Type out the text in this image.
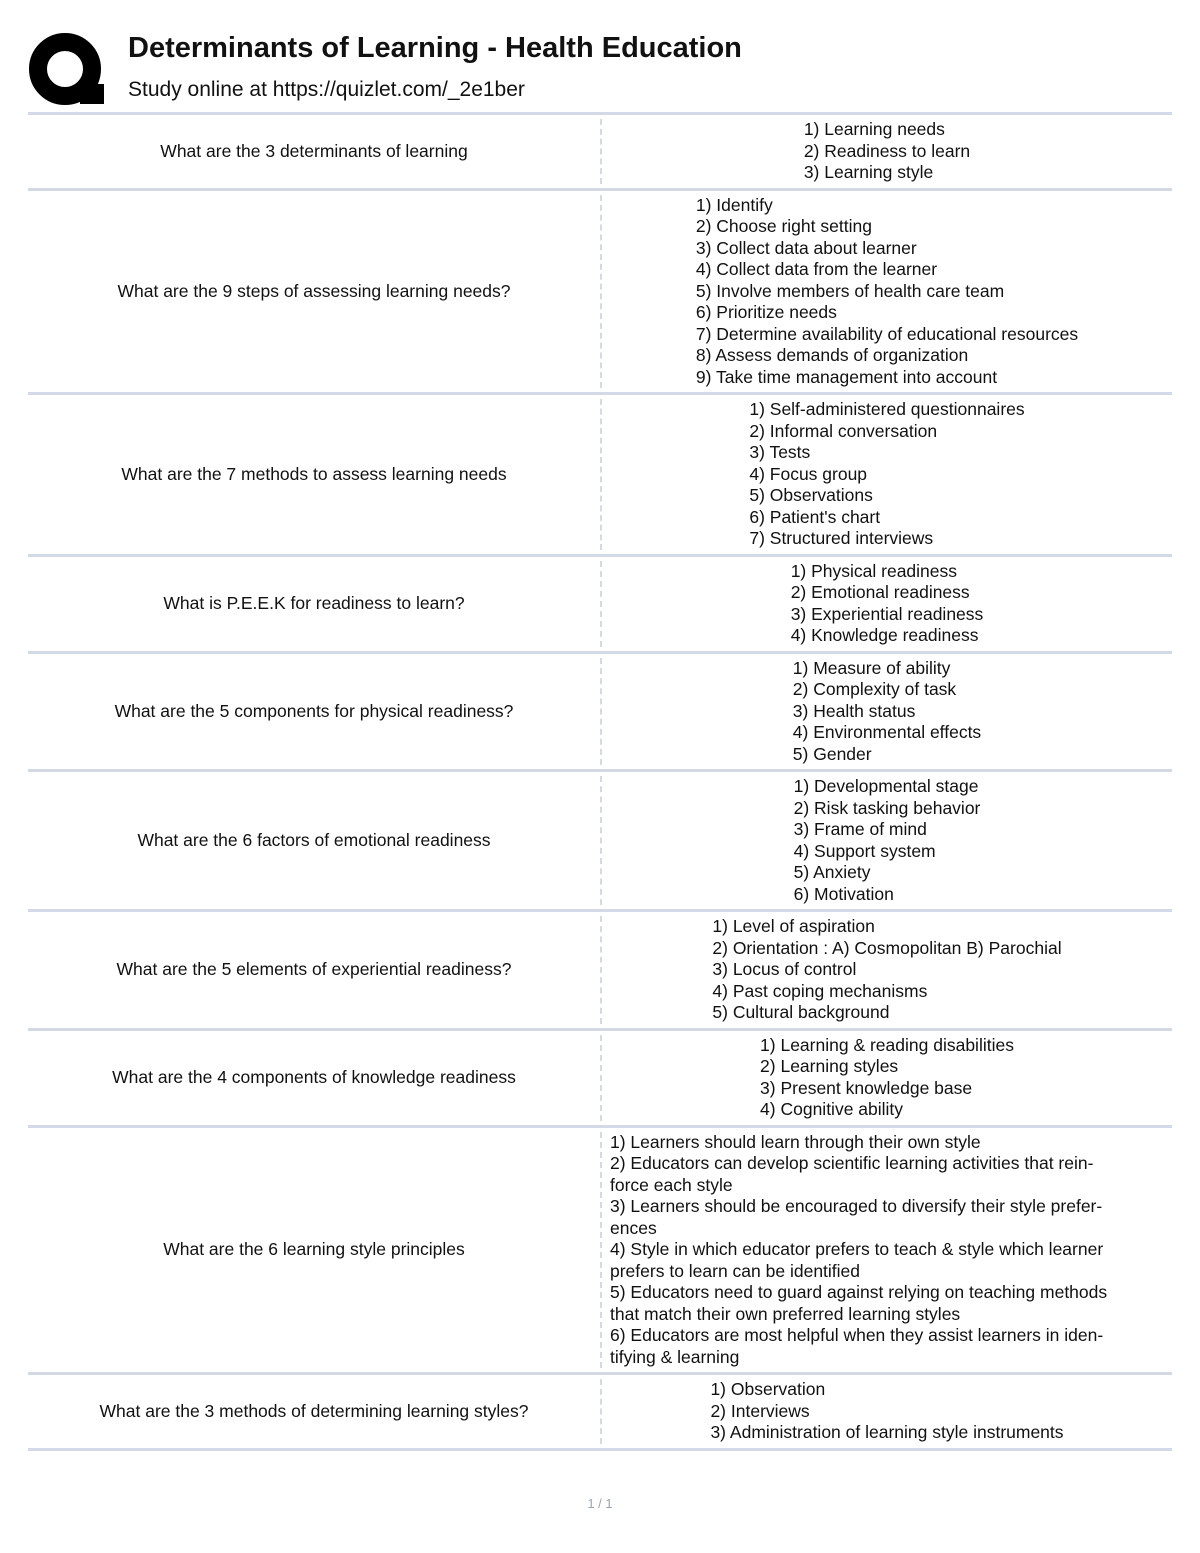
Determinants of Learning - Health Education
Study online at https://quizlet.com/_2e1ber
What are the 3 determinants of learning
1) Learning needs
2) Readiness to learn
3) Learning style
What are the 9 steps of assessing learning needs?
1) Identify
2) Choose right setting
3) Collect data about learner
4) Collect data from the learner
5) Involve members of health care team
6) Prioritize needs
7) Determine availability of educational resources
8) Assess demands of organization
9) Take time management into account
What are the 7 methods to assess learning needs
1) Self-administered questionnaires
2) Informal conversation
3) Tests
4) Focus group
5) Observations
6) Patient's chart
7) Structured interviews
What is P.E.E.K for readiness to learn?
1) Physical readiness
2) Emotional readiness
3) Experiential readiness
4) Knowledge readiness
What are the 5 components for physical readiness?
1) Measure of ability
2) Complexity of task
3) Health status
4) Environmental effects
5) Gender
What are the 6 factors of emotional readiness
1) Developmental stage
2) Risk tasking behavior
3) Frame of mind
4) Support system
5) Anxiety
6) Motivation
What are the 5 elements of experiential readiness?
1) Level of aspiration
2) Orientation : A) Cosmopolitan B) Parochial
3) Locus of control
4) Past coping mechanisms
5) Cultural background
What are the 4 components of knowledge readiness
1) Learning & reading disabilities
2) Learning styles
3) Present knowledge base
4) Cognitive ability
What are the 6 learning style principles
1) Learners should learn through their own style
2) Educators can develop scientific learning activities that rein-
force each style
3) Learners should be encouraged to diversify their style prefer-
ences
4) Style in which educator prefers to teach & style which learner
prefers to learn can be identified
5) Educators need to guard against relying on teaching methods
that match their own preferred learning styles
6) Educators are most helpful when they assist learners in iden-
tifying & learning
What are the 3 methods of determining learning styles?
1) Observation
2) Interviews
3) Administration of learning style instruments
1 / 1
